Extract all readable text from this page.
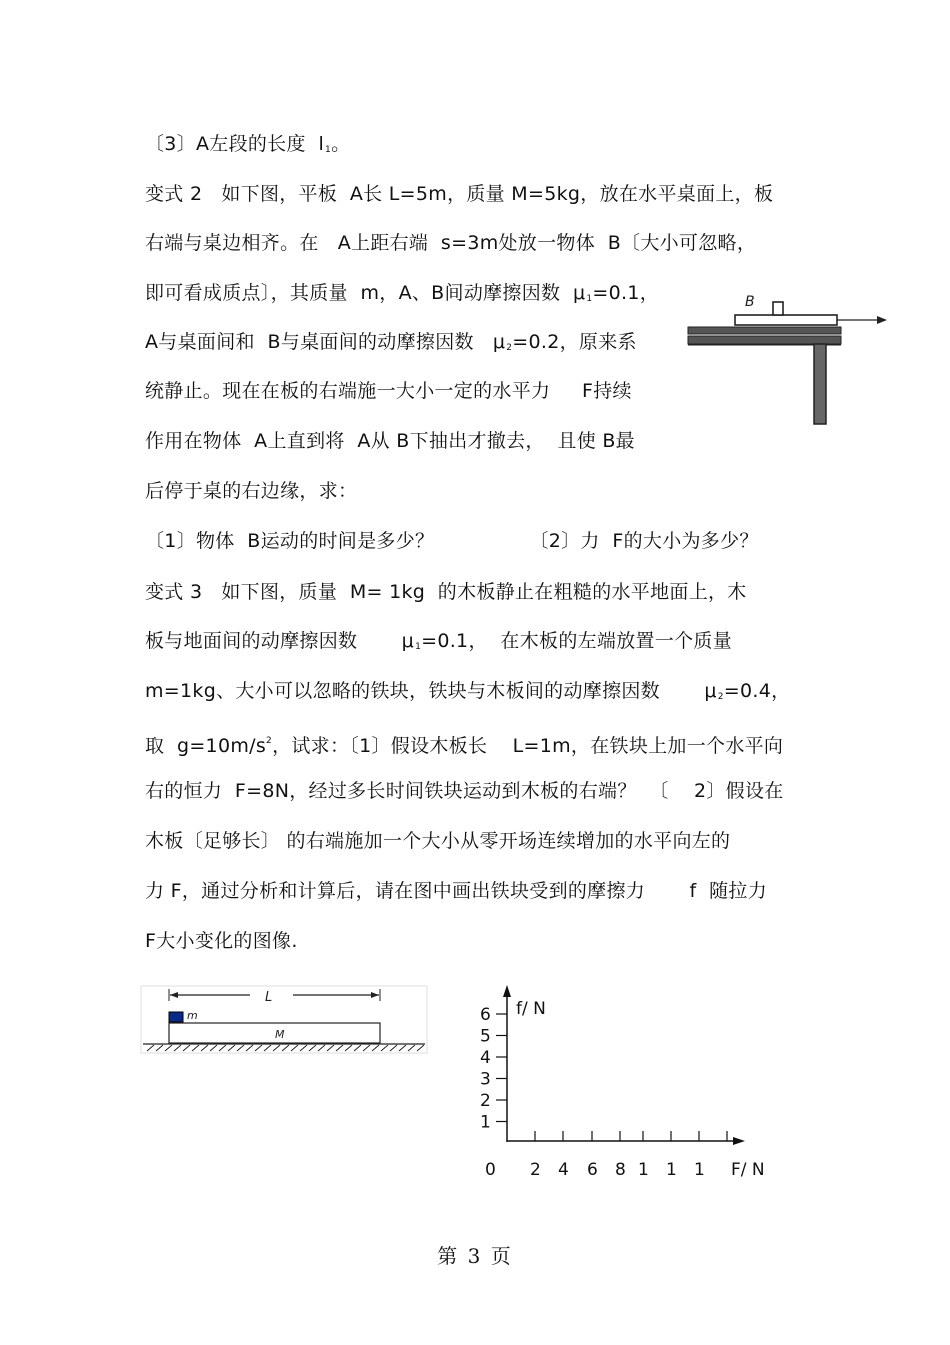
〔3〕A左段的长度  $l_1$。
变式 2   如下图，平板  A长 L=5m，质量 M=5kg，放在水平桌面上，板
右端与桌边相齐。在   A上距右端  s=3m处放一物体  B〔大小可忽略，
即可看成质点〕，其质量  m，A、B间动摩擦因数  $\mu_1=0.1$，
A与桌面间和  B与桌面间的动摩擦因数   $\mu_2=0.2$，原来系
统静止。现在在板的右端施一大小一定的水平力     F持续
作用在物体  A上直到将  A从 B下抽出才撤去，  且使 B最
后停于桌的右边缘，求：
〔1〕物体  B运动的时间是多少？               〔2〕力  F的大小为多少？
变式 3   如下图，质量  M= 1kg  的木板静止在粗糙的水平地面上，木
板与地面间的动摩擦因数       $\mu_1=0.1$，  在木板的左端放置一个质量
m=1kg、大小可以忽略的铁块，铁块与木板间的动摩擦因数       $\mu_2=0.4$，
取  $g=10m/s^2$，试求：〔1〕假设木板长    L=1m，在铁块上加一个水平向
右的恒力  F=8N，经过多长时间铁块运动到木板的右端？  〔    2〕假设在
木板〔足够长〕 的右端施加一个大小从零开场连续增加的水平向左的
力 F，通过分析和计算后，请在图中画出铁块受到的摩擦力       f  随拉力
F大小变化的图像.
B
L
m
M
f/ N
F/ N
1
2
3
4
5
6
0 2 4 6 8 1 1 1
第 3 页
